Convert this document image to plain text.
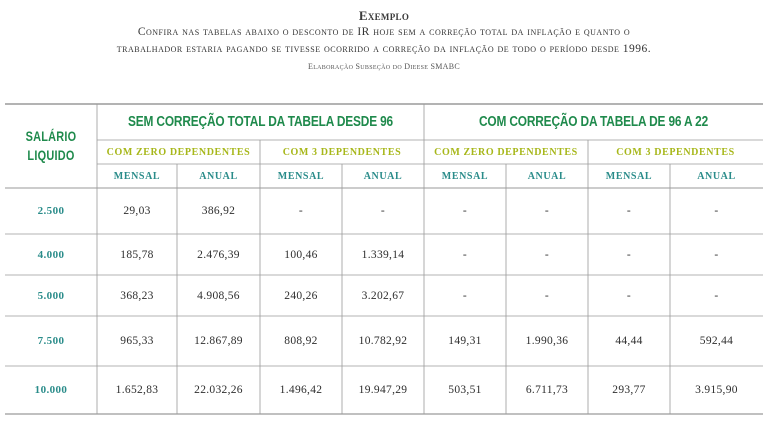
Exemplo
Confira nas tabelas abaixo o desconto de IR hoje sem a correção total da inflação e quanto o
trabalhador estaria pagando se tivesse ocorrido a correção da inflação de todo o período desde 1996.
Elaboração Subseção do Dieese SMABC
SALÁRIO
LIQUIDO
SEM CORREÇÃO TOTAL DA TABELA DESDE 96	COM CORREÇÃO DA TABELA DE 96 A 22
COM ZERO DEPENDENTES	COM 3 DEPENDENTES	COM ZERO DEPENDENTES	COM 3 DEPENDENTES
MENSAL	ANUAL	MENSAL	ANUAL	MENSAL	ANUAL	MENSAL	ANUAL
2.500	29,03	386,92	-	-	-	-	-	-
4.000	185,78	2.476,39	100,46	1.339,14	-	-	-	-
5.000	368,23	4.908,56	240,26	3.202,67	-	-	-	-
7.500	965,33	12.867,89	808,92	10.782,92	149,31	1.990,36	44,44	592,44
10.000	1.652,83	22.032,26	1.496,42	19.947,29	503,51	6.711,73	293,77	3.915,90
